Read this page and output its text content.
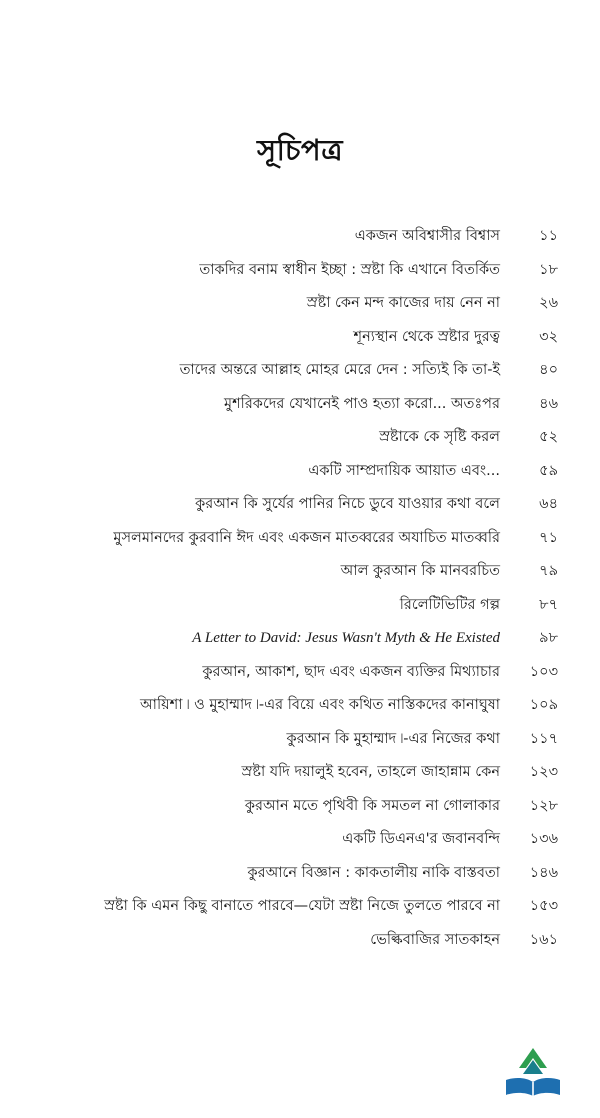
সূচিপত্র
একজন অবিশ্বাসীর বিশ্বাস	১১
তাকদির বনাম স্বাধীন ইচ্ছা : স্রষ্টা কি এখানে বিতর্কিত	১৮
স্রষ্টা কেন মন্দ কাজের দায় নেন না	২৬
শূন্যস্থান থেকে স্রষ্টার দুরত্ব	৩২
তাদের অন্তরে আল্লাহ মোহর মেরে দেন : সত্যিই কি তা-ই	৪০
মুশরিকদের যেখানেই পাও হত্যা করো... অতঃপর	৪৬
স্রষ্টাকে কে সৃষ্টি করল	৫২
একটি সাম্প্রদায়িক আয়াত এবং...	৫৯
কুরআন কি সুর্যের পানির নিচে ডুবে যাওয়ার কথা বলে	৬৪
মুসলমানদের কুরবানি ঈদ এবং একজন মাতব্বরের অযাচিত মাতব্বরি	৭১
আল কুরআন কি মানবরচিত	৭৯
রিলেটিভিটির গল্প	৮৭
A Letter to David: Jesus Wasn't Myth & He Existed	৯৮
কুরআন, আকাশ, ছাদ এবং একজন ব্যক্তির মিথ্যাচার	১০৩
আয়িশা ৷ ও মুহাম্মাদ ৷-এর বিয়ে এবং কথিত নাস্তিকদের কানাঘুষা	১০৯
কুরআন কি মুহাম্মাদ ৷-এর নিজের কথা	১১৭
স্রষ্টা যদি দয়ালুই হবেন, তাহলে জাহান্নাম কেন	১২৩
কুরআন মতে পৃথিবী কি সমতল না গোলাকার	১২৮
একটি ডিএনএ'র জবানবন্দি	১৩৬
কুরআনে বিজ্ঞান : কাকতালীয় নাকি বাস্তবতা	১৪৬
স্রষ্টা কি এমন কিছু বানাতে পারবে—যেটা স্রষ্টা নিজে তুলতে পারবে না	১৫৩
ভেল্কিবাজির সাতকাহন	১৬১
